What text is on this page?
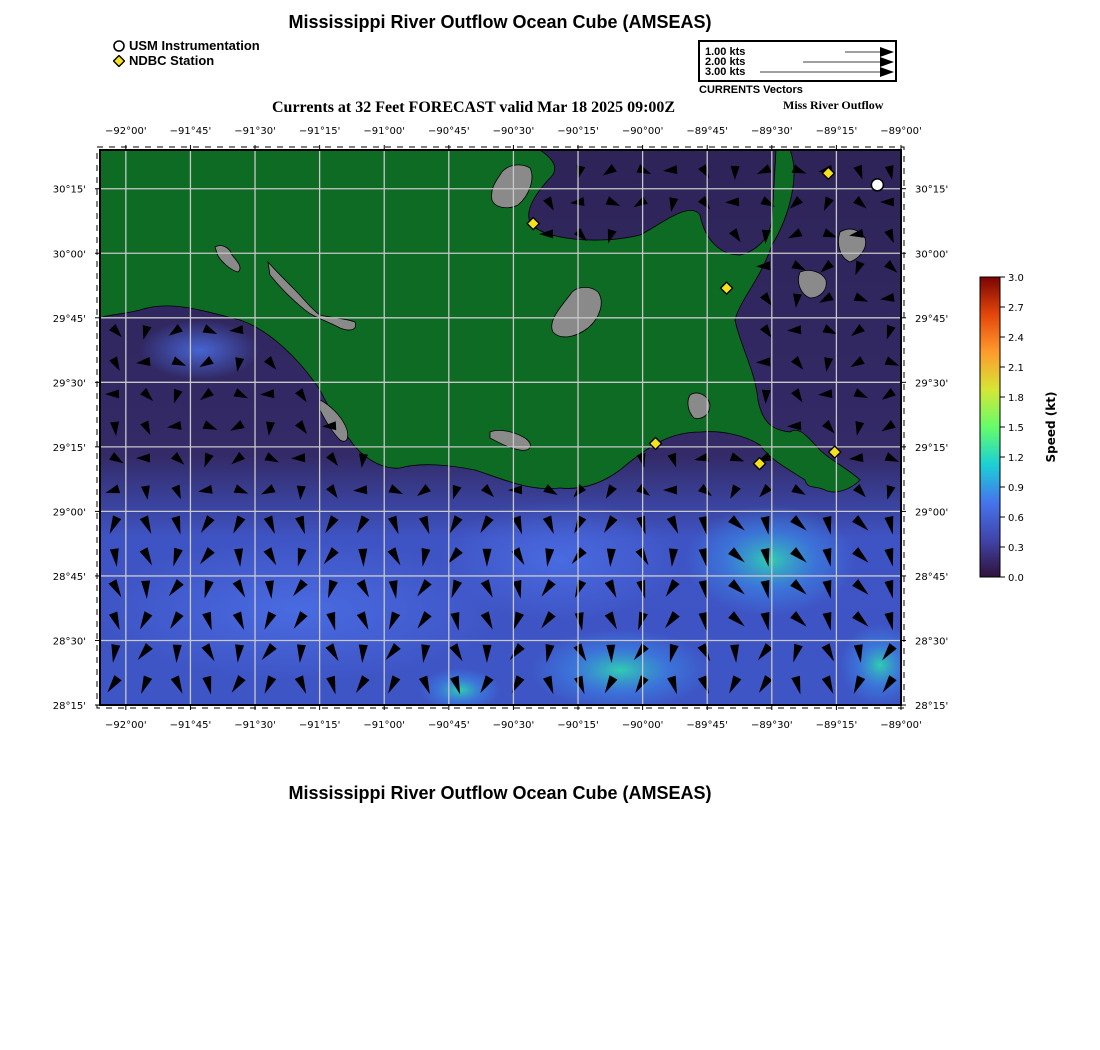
Mississippi River Outflow Ocean Cube (AMSEAS)
USM Instrumentation
NDBC Station
1.00 kts
2.00 kts
3.00 kts
CURRENTS Vectors
Currents at 32 Feet FORECAST valid Mar 18 2025 09:00Z	Miss River Outflow
−92°00'
−92°00'
−91°45'
−91°45'
−91°30'
−91°30'
−91°15'
−91°15'
−91°00'
−91°00'
−90°45'
−90°45'
−90°30'
−90°30'
−90°15'
−90°15'
−90°00'
−90°00'
−89°45'
−89°45'
−89°30'
−89°30'
−89°15'
−89°15'
−89°00'
−89°00'
30°15'	30°15'
30°00'	30°00'
29°45'	29°45'
29°30'	29°30'
29°15'	29°15'
29°00'	29°00'
28°45'	28°45'
28°30'	28°30'
28°15'	28°15'
Mississippi River Outflow Ocean Cube (AMSEAS)
3.0
2.7
2.4
2.1
1.8
1.5
1.2
0.9
0.6
0.3
0.0
Speed (kt)
